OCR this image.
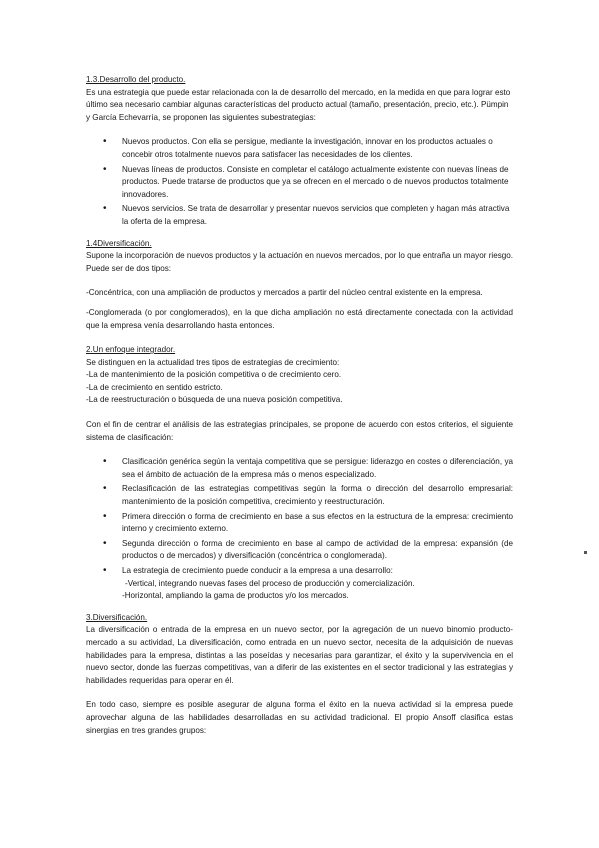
1.3.Desarrollo del producto.

Es una estrategia que puede estar relacionada con la de desarrollo del mercado, en la medida en que para lograr esto último sea necesario cambiar algunas características del producto actual (tamaño, presentación, precio, etc.). Pümpin y García Echevarría, se proponen las siguientes subestrategias:

• Nuevos productos. Con ella se persigue, mediante la investigación, innovar en los productos actuales o concebir otros totalmente nuevos para satisfacer las necesidades de los clientes.
• Nuevas líneas de productos. Consiste en completar el catálogo actualmente existente con nuevas líneas de productos. Puede tratarse de productos que ya se ofrecen en el mercado o de nuevos productos totalmente innovadores.
• Nuevos servicios. Se trata de desarrollar y presentar nuevos servicios que completen y hagan más atractiva la oferta de la empresa.

1.4Diversificación.

Supone la incorporación de nuevos productos y la actuación en nuevos mercados, por lo que entraña un mayor riesgo. Puede ser de dos tipos:

-Concéntrica, con una ampliación de productos y mercados a partir del núcleo central existente en la empresa.

-Conglomerada (o por conglomerados), en la que dicha ampliación no está directamente conectada con la actividad que la empresa venía desarrollando hasta entonces.

2.Un enfoque integrador.

Se distinguen en la actualidad tres tipos de estrategias de crecimiento:

-La de mantenimiento de la posición competitiva o de crecimiento cero.

-La de crecimiento en sentido estricto.

-La de reestructuración o búsqueda de una nueva posición competitiva.

Con el fin de centrar el análisis de las estrategias principales, se propone de acuerdo con estos criterios, el siguiente sistema de clasificación:

• Clasificación genérica según la ventaja competitiva que se persigue: liderazgo en costes o diferenciación, ya sea el ámbito de actuación de la empresa más o menos especializado.
• Reclasificación de las estrategias competitivas según la forma o dirección del desarrollo empresarial: mantenimiento de la posición competitiva, crecimiento y reestructuración.
• Primera dirección o forma de crecimiento en base a sus efectos en la estructura de la empresa: crecimiento interno y crecimiento externo.
• Segunda dirección o forma de crecimiento en base al campo de actividad de la empresa: expansión (de productos o de mercados) y diversificación (concéntrica o conglomerada).
• La estrategia de crecimiento puede conducir a la empresa a una desarrollo:

-Vertical, integrando nuevas fases del proceso de producción y comercialización.

-Horizontal, ampliando la gama de productos y/o los mercados.

3.Diversificación.

La diversificación o entrada de la empresa en un nuevo sector, por la agregación de un nuevo binomio producto-mercado a su actividad, La diversificación, como entrada en un nuevo sector, necesita de la adquisición de nuevas habilidades para la empresa, distintas a las poseídas y necesarias para garantizar, el éxito y la supervivencia en el nuevo sector, donde las fuerzas competitivas, van a diferir de las existentes en el sector tradicional y las estrategias y habilidades requeridas para operar en él.

En todo caso, siempre es posible asegurar de alguna forma el éxito en la nueva actividad si la empresa puede aprovechar alguna de las habilidades desarrolladas en su actividad tradicional. El propio Ansoff clasifica estas sinergias en tres grandes grupos:
